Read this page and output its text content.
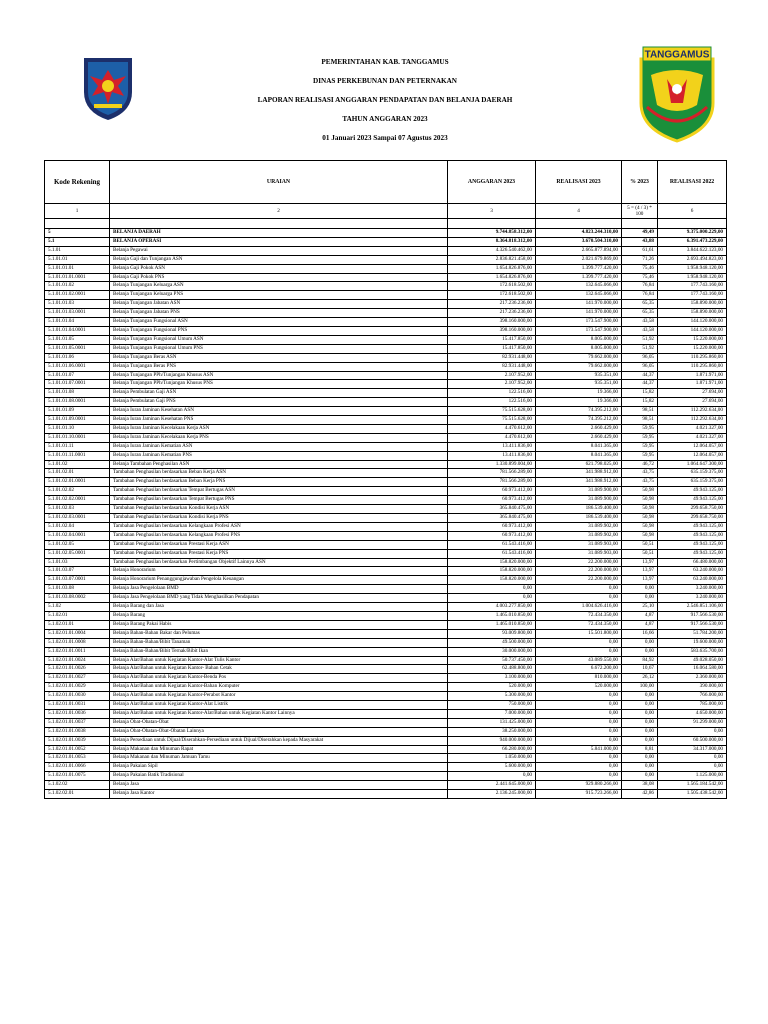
PEMERINTAHAN KAB. TANGGAMUS
DINAS PERKEBUNAN DAN PETERNAKAN
LAPORAN REALISASI ANGGARAN PENDAPATAN DAN BELANJA DAERAH
TAHUN ANGGARAN 2023
01 Januari 2023 Sampai 07 Agustus 2023
TANGGAMUS
Kode Rekening	URAIAN	ANGGARAN 2023	REALISASI 2023	% 2023	REALISASI 2022
1	2	3	4	5 = (4 / 3) * 100	6

5	BELANJA DAERAH	9.744.858.312,00	4.823.244.310,00	49,49	9.375.000.229,00
5.1	BELANJA OPERASI	8.364.818.312,00	3.670.504.310,00	43,88	6.391.473.229,00
5.1.01	Belanja Pegawai	4.326.540.462,00	2.665.877.894,00	61,61	3.844.622.123,00
5.1.01.01	Belanja Gaji dan Tunjangan ASN	2.836.821.458,00	2.021.679.869,00	71,26	2.693.494.823,00
5.1.01.01.01	Belanja Gaji Pokok ASN	1.654.826.876,00	1.399.777.420,00	75,46	1.958.948.120,00
5.1.01.01.01.0001	Belanja Gaji Pokok PNS	1.654.826.876,00	1.399.777.420,00	75,46	1.958.948.120,00
5.1.01.01.02	Belanja Tunjangan Keluarga ASN	172.618.502,00	132.645.066,00	76,84	177.743.160,00
5.1.01.01.02.0001	Belanja Tunjangan Keluarga PNS	172.618.502,00	132.645.066,00	76,84	177.743.160,00
5.1.01.01.03	Belanja Tunjangan Jabatan ASN	217.236.236,00	141.970.000,00	65,35	158.890.000,00
5.1.01.01.03.0001	Belanja Tunjangan Jabatan PNS	217.236.236,00	141.970.000,00	65,35	158.890.000,00
5.1.01.01.04	Belanja Tunjangan Fungsional ASN	398.160.000,00	173.547.900,00	43,58	144.120.000,00
5.1.01.01.04.0001	Belanja Tunjangan Fungsional PNS	398.160.000,00	173.547.900,00	43,58	144.120.000,00
5.1.01.01.05	Belanja Tunjangan Fungsional Umum ASN	15.417.850,00	8.005.000,00	51,92	15.220.000,00
5.1.01.01.05.0001	Belanja Tunjangan Fungsional Umum PNS	15.417.850,00	8.005.000,00	51,92	15.220.000,00
5.1.01.01.06	Belanja Tunjangan Beras ASN	82.931.448,00	79.662.000,00	96,05	110.295.860,00
5.1.01.01.06.0001	Belanja Tunjangan Beras PNS	82.931.448,00	79.662.000,00	96,05	110.295.860,00
5.1.01.01.07	Belanja Tunjangan PPh/Tunjangan Khusus ASN	2.107.952,00	935.351,00	44,37	1.871.971,00
5.1.01.01.07.0001	Belanja Tunjangan PPh/Tunjangan Khusus PNS	2.107.952,00	935.351,00	44,37	1.871.971,00
5.1.01.01.08	Belanja Pembulatan Gaji ASN	122.516,00	19.366,00	15,82	27.694,00
5.1.01.01.08.0001	Belanja Pembulatan Gaji PNS	122.516,00	19.366,00	15,82	27.694,00
5.1.01.01.09	Belanja Iuran Jaminan Kesehatan ASN	75.515.628,00	74.395.212,00	98,51	112.292.634,00
5.1.01.01.09.0001	Belanja Iuran Jaminan Kesehatan PNS	75.515.628,00	74.395.212,00	98,51	112.292.634,00
5.1.01.01.10	Belanja Iuran Jaminan Kecelakaan Kerja ASN	4.470.612,00	2.660.429,00	59,95	4.021.327,00
5.1.01.01.10.0001	Belanja Iuran Jaminan Kecelakaan Kerja PNS	4.470.612,00	2.660.429,00	59,95	4.021.327,00
5.1.01.01.11	Belanja Iuran Jaminan Kematian ASN	13.411.836,00	8.041.365,00	59,95	12.064.057,00
5.1.01.01.11.0001	Belanja Iuran Jaminan Kematian PNS	13.411.836,00	8.041.365,00	59,95	12.064.057,00
5.1.01.02	Belanja Tambahan Penghasilan ASN	1.330.899.004,00	621.798.025,00	46,72	1.064.647.300,00
5.1.01.02.01	Tambahan Penghasilan berdasarkan Beban Kerja ASN	781.566.289,00	341.988.912,00	43,75	635.159.375,00
5.1.01.02.01.0001	Tambahan Penghasilan berdasarkan Beban Kerja PNS	781.566.289,00	341.988.912,00	43,75	635.159.375,00
5.1.01.02.02	Tambahan Penghasilan berdasarkan Tempat Bertugas ASN	60.973.412,00	31.089.900,00	50,98	49.943.125,00
5.1.01.02.02.0001	Tambahan Penghasilan berdasarkan Tempat Bertugas PNS	60.973.412,00	31.089.900,00	50,98	49.943.125,00
5.1.01.02.03	Tambahan Penghasilan berdasarkan Kondisi Kerja ASN	365.840.475,00	186.539.400,00	50,98	299.658.750,00
5.1.01.02.03.0001	Tambahan Penghasilan berdasarkan Kondisi Kerja PNS	365.840.475,00	186.539.400,00	50,98	299.658.750,00
5.1.01.02.04	Tambahan Penghasilan berdasarkan Kelangkaan Profesi ASN	60.973.412,00	31.089.902,00	50,98	49.943.125,00
5.1.01.02.04.0001	Tambahan Penghasilan berdasarkan Kelangkaan Profesi PNS	60.973.412,00	31.089.902,00	50,98	49.943.125,00
5.1.01.02.05	Tambahan Penghasilan berdasarkan Prestasi Kerja ASN	61.543.416,00	31.089.903,00	50,51	49.943.125,00
5.1.01.02.05.0001	Tambahan Penghasilan berdasarkan Prestasi Kerja PNS	61.543.416,00	31.089.903,00	50,51	49.943.125,00
5.1.01.03	Tambahan Penghasilan berdasarkan Pertimbangan Objektif Lainnya ASN	158.820.000,00	22.200.000,00	13,97	66.480.000,00
5.1.01.03.07	Belanja Honorarium	158.820.000,00	22.200.000,00	13,97	63.240.000,00
5.1.01.03.07.0001	Belanja Honorarium Penanggungjawaban Pengelola Keuangan	158.820.000,00	22.200.000,00	13,97	63.240.000,00
5.1.01.03.08	Belanja Jasa Pengelolaan BMD	0,00	0,00	0,00	3.240.000,00
5.1.01.03.08.0002	Belanja Jasa Pengelolaan BMD yang Tidak Menghasilkan Pendapatan	0,00	0,00	0,00	3.240.000,00
5.1.02	Belanja Barang dan Jasa	4.003.277.850,00	1.004.626.416,00	25,10	2.546.851.106,00
5.1.02.01	Belanja Barang	1.465.010.850,00	72.434.350,00	4,87	917.566.530,00
5.1.02.01.01	Belanja Barang Pakai Habis	1.465.010.850,00	72.434.350,00	4,87	917.566.530,00
5.1.02.01.01.0004	Belanja Bahan-Bahan Bakar dan Pelumas	93.009.800,00	15.501.800,00	16,66	51.784.200,00
5.1.02.01.01.0008	Belanja Bahan-Bahan/Bibit Tanaman	49.500.000,00	0,00	0,00	19.600.000,00
5.1.02.01.01.0011	Belanja Bahan-Bahan/Bibit Ternak/Bibit Ikan	30.000.000,00	0,00	0,00	583.635.700,00
5.1.02.01.01.0024	Belanja Alat/Bahan untuk Kegiatan Kantor-Alat Tulis Kantor	50.737.450,00	43.089.550,00	84,92	49.028.050,00
5.1.02.01.01.0026	Belanja Alat/Bahan untuk Kegiatan Kantor- Bahan Cetak	62.488.800,00	6.672.200,00	10,67	16.064.580,00
5.1.02.01.01.0027	Belanja Alat/Bahan untuk Kegiatan Kantor-Benda Pos	3.100.000,00	810.000,00	26,12	2.360.000,00
5.1.02.01.01.0029	Belanja Alat/Bahan untuk Kegiatan Kantor-Bahan Komputer	520.000,00	520.000,00	100,00	390.000,00
5.1.02.01.01.0030	Belanja Alat/Bahan untuk Kegiatan Kantor-Perabot Kantor	5.300.000,00	0,00	0,00	766.000,00
5.1.02.01.01.0031	Belanja Alat/Bahan untuk Kegiatan Kantor-Alat Listrik	750.000,00	0,00	0,00	785.000,00
5.1.02.01.01.0036	Belanja Alat/Bahan untuk Kegiatan Kantor-Alat/Bahan untuk Kegiatan Kantor Lainnya	7.000.000,00	0,00	0,00	4.650.000,00
5.1.02.01.01.0037	Belanja Obat-Obatan-Obat	131.425.000,00	0,00	0,00	91.299.000,00
5.1.02.01.01.0038	Belanja Obat-Obatan-Obat-Obatan Lainnya	38.250.000,00	0,00	0,00	0,00
5.1.02.01.01.0039	Belanja Persediaan untuk Dijual/Diserahkan-Persediaan untuk Dijual/Diserahkan kepada Masyarakat	940.000.000,00	0,00	0,00	60.500.000,00
5.1.02.01.01.0052	Belanja Makanan dan Minuman Rapat	66.280.000,00	5.841.000,00	8,81	34.317.000,00
5.1.02.01.01.0053	Belanja Makanan dan Minuman Jamuan Tamu	1.050.000,00	0,00	0,00	0,00
5.1.02.01.01.0066	Belanja Pakaian Sipil	5.600.000,00	0,00	0,00	0,00
5.1.02.01.01.0075	Belanja Pakaian Batik Tradisional	0,00	0,00	0,00	1.125.000,00
5.1.02.02	Belanja Jasa	2.441.645.000,00	929.880.266,00	38,08	1.565.184.542,00
5.1.02.02.01	Belanja Jasa Kantor	2.136.245.000,00	915.723.266,00	42,86	1.505.438.542,00
